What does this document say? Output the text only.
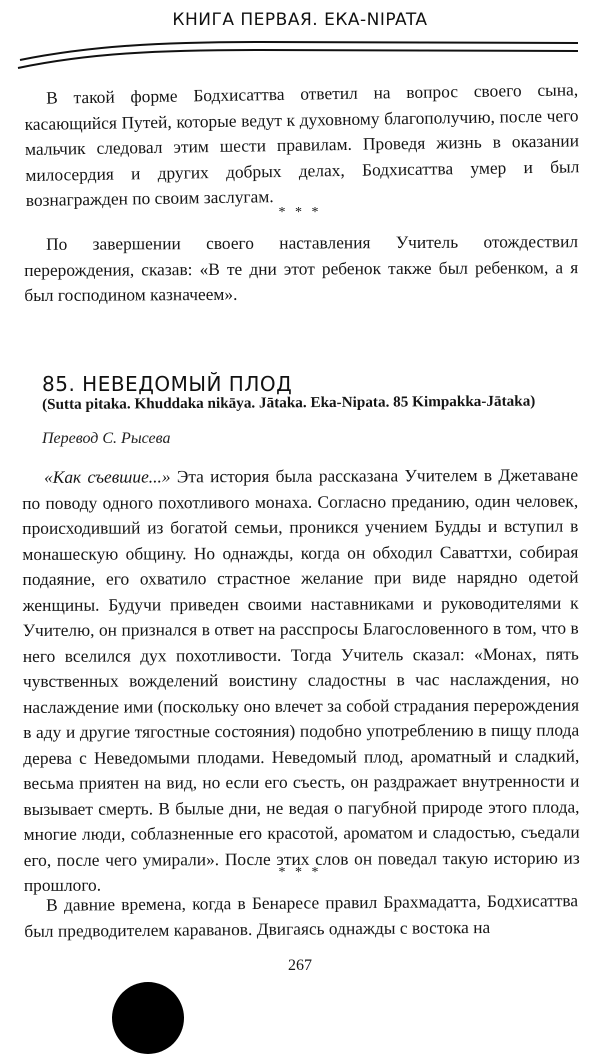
КНИГА ПЕРВАЯ. ЕКА-NIPATA

В такой форме Бодхисаттва ответил на вопрос своего сына, касающийся Путей, которые ведут к духовному благополучию, после чего мальчик следовал этим шести правилам. Проведя жизнь в оказании милосердия и других добрых делах, Бодхисаттва умер и был вознагражден по своим заслугам.

* * *

По завершении своего наставления Учитель отождествил перерождения, сказав: «В те дни этот ребенок также был ребенком, а я был господином казначеем».

85. НЕВЕДОМЫЙ ПЛОД
(Sutta pitaka. Khuddaka nikāya. Jātaka. Eka-Nipata. 85 Kimpakka-Jātaka)
Перевод С. Рысева

«Как съевшие...» Эта история была рассказана Учителем в Джетаване по поводу одного похотливого монаха. Согласно преданию, один человек, происходивший из богатой семьи, проникся учением Будды и вступил в монашескую общину. Но однажды, когда он обходил Саваттхи, собирая подаяние, его охватило страстное желание при виде нарядно одетой женщины. Будучи приведен своими наставниками и руководителями к Учителю, он признался в ответ на расспросы Благословенного в том, что в него вселился дух похотливости. Тогда Учитель сказал: «Монах, пять чувственных вожделений воистину сладостны в час наслаждения, но наслаждение ими (поскольку оно влечет за собой страдания перерождения в аду и другие тягостные состояния) подобно употреблению в пищу плода дерева с Неведомыми плодами. Неведомый плод, ароматный и сладкий, весьма приятен на вид, но если его съесть, он раздражает внутренности и вызывает смерть. В былые дни, не ведая о пагубной природе этого плода, многие люди, соблазненные его красотой, ароматом и сладостью, съедали его, после чего умирали». После этих слов он поведал такую историю из прошлого.

* * *

В давние времена, когда в Бенаресе правил Брахмадатта, Бодхисаттва был предводителем караванов. Двигаясь однажды с востока на

267
